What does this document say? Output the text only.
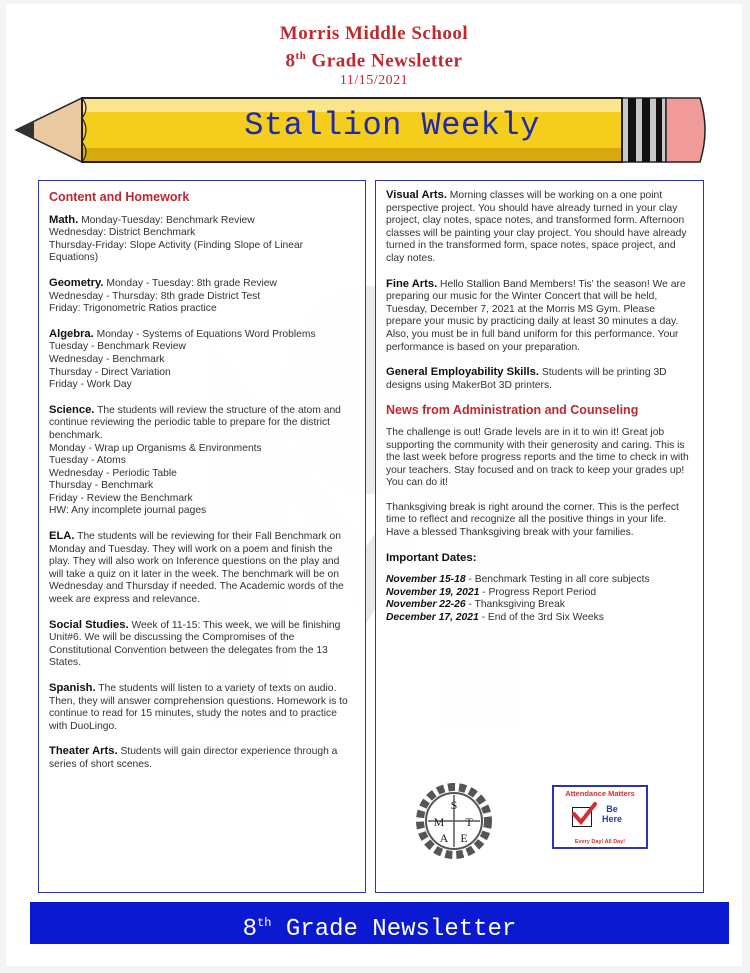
Morris Middle School
8th Grade Newsletter
11/15/2021
Stallion Weekly
Content and Homework
Math. Monday-Tuesday: Benchmark Review
Wednesday: District Benchmark
Thursday-Friday: Slope Activity (Finding Slope of Linear Equations)
Geometry. Monday - Tuesday: 8th grade Review
Wednesday - Thursday: 8th grade District Test
Friday: Trigonometric Ratios practice
Algebra. Monday - Systems of Equations Word Problems
Tuesday - Benchmark Review
Wednesday - Benchmark
Thursday - Direct Variation
Friday - Work Day
Science. The students will review the structure of the atom and continue reviewing the periodic table to prepare for the district benchmark.
Monday - Wrap up Organisms & Environments
Tuesday - Atoms
Wednesday - Periodic Table
Thursday - Benchmark
Friday - Review the Benchmark
HW: Any incomplete journal pages
ELA. The students will be reviewing for their Fall Benchmark on Monday and Tuesday. They will work on a poem and finish the play. They will also work on Inference questions on the play and will take a quiz on it later in the week. The benchmark will be on Wednesday and Thursday if needed. The Academic words of the week are express and relevance.
Social Studies. Week of 11-15: This week, we will be finishing Unit#6. We will be discussing the Compromises of the Constitutional Convention between the delegates from the 13 States.
Spanish. The students will listen to a variety of texts on audio. Then, they will answer comprehension questions. Homework is to continue to read for 15 minutes, study the notes and to practice with DuoLingo.
Theater Arts. Students will gain director experience through a series of short scenes.
Visual Arts. Morning classes will be working on a one point perspective project. You should have already turned in your clay project, clay notes, space notes, and transformed form. Afternoon classes will be painting your clay project. You should have already turned in the transformed form, space notes, space project, and clay notes.
Fine Arts. Hello Stallion Band Members! Tis' the season! We are preparing our music for the Winter Concert that will be held, Tuesday, December 7, 2021 at the Morris MS Gym. Please prepare your music by practicing daily at least 30 minutes a day. Also, you must be in full band uniform for this performance. Your performance is based on your preparation.
General Employability Skills. Students will be printing 3D designs using MakerBot 3D printers.
News from Administration and Counseling
The challenge is out! Grade levels are in it to win it! Great job supporting the community with their generosity and caring. This is the last week before progress reports and the time to check in with your teachers. Stay focused and on track to keep your grades up! You can do it!
Thanksgiving break is right around the corner. This is the perfect time to reflect and recognize all the positive things in your life. Have a blessed Thanksgiving break with your families.
Important Dates:
November 15-18 - Benchmark Testing in all core subjects
November 19, 2021 - Progress Report Period
November 22-26 - Thanksgiving Break
December 17, 2021 - End of the 3rd Six Weeks
S
M T
A E
Attendance Matters
Be
Here
Every Day! All Day!
8th Grade Newsletter
